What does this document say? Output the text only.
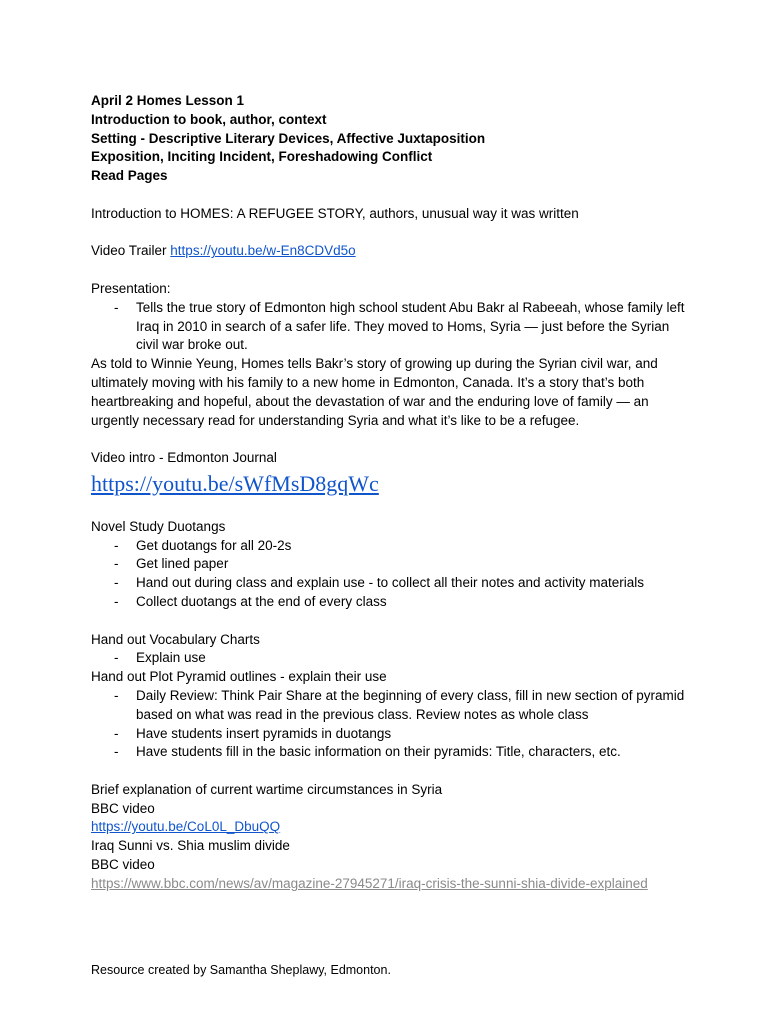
April 2 Homes Lesson 1
Introduction to book, author, context
Setting - Descriptive Literary Devices, Affective Juxtaposition
Exposition, Inciting Incident, Foreshadowing Conflict
Read Pages
Introduction to HOMES: A REFUGEE STORY, authors, unusual way it was written
Video Trailer https://youtu.be/w-En8CDVd5o
Presentation:
- Tells the true story of Edmonton high school student Abu Bakr al Rabeeah, whose family left Iraq in 2010 in search of a safer life. They moved to Homs, Syria — just before the Syrian civil war broke out.
As told to Winnie Yeung, Homes tells Bakr’s story of growing up during the Syrian civil war, and ultimately moving with his family to a new home in Edmonton, Canada. It’s a story that’s both heartbreaking and hopeful, about the devastation of war and the enduring love of family — an urgently necessary read for understanding Syria and what it’s like to be a refugee.
Video intro - Edmonton Journal
https://youtu.be/sWfMsD8gqWc
Novel Study Duotangs
- Get duotangs for all 20-2s
- Get lined paper
- Hand out during class and explain use - to collect all their notes and activity materials
- Collect duotangs at the end of every class
Hand out Vocabulary Charts
- Explain use
Hand out Plot Pyramid outlines - explain their use
- Daily Review: Think Pair Share at the beginning of every class, fill in new section of pyramid based on what was read in the previous class. Review notes as whole class
- Have students insert pyramids in duotangs
- Have students fill in the basic information on their pyramids: Title, characters, etc.
Brief explanation of current wartime circumstances in Syria
BBC video
https://youtu.be/CoL0L_DbuQQ
Iraq Sunni vs. Shia muslim divide
BBC video
https://www.bbc.com/news/av/magazine-27945271/iraq-crisis-the-sunni-shia-divide-explained
Resource created by Samantha Sheplawy, Edmonton.
